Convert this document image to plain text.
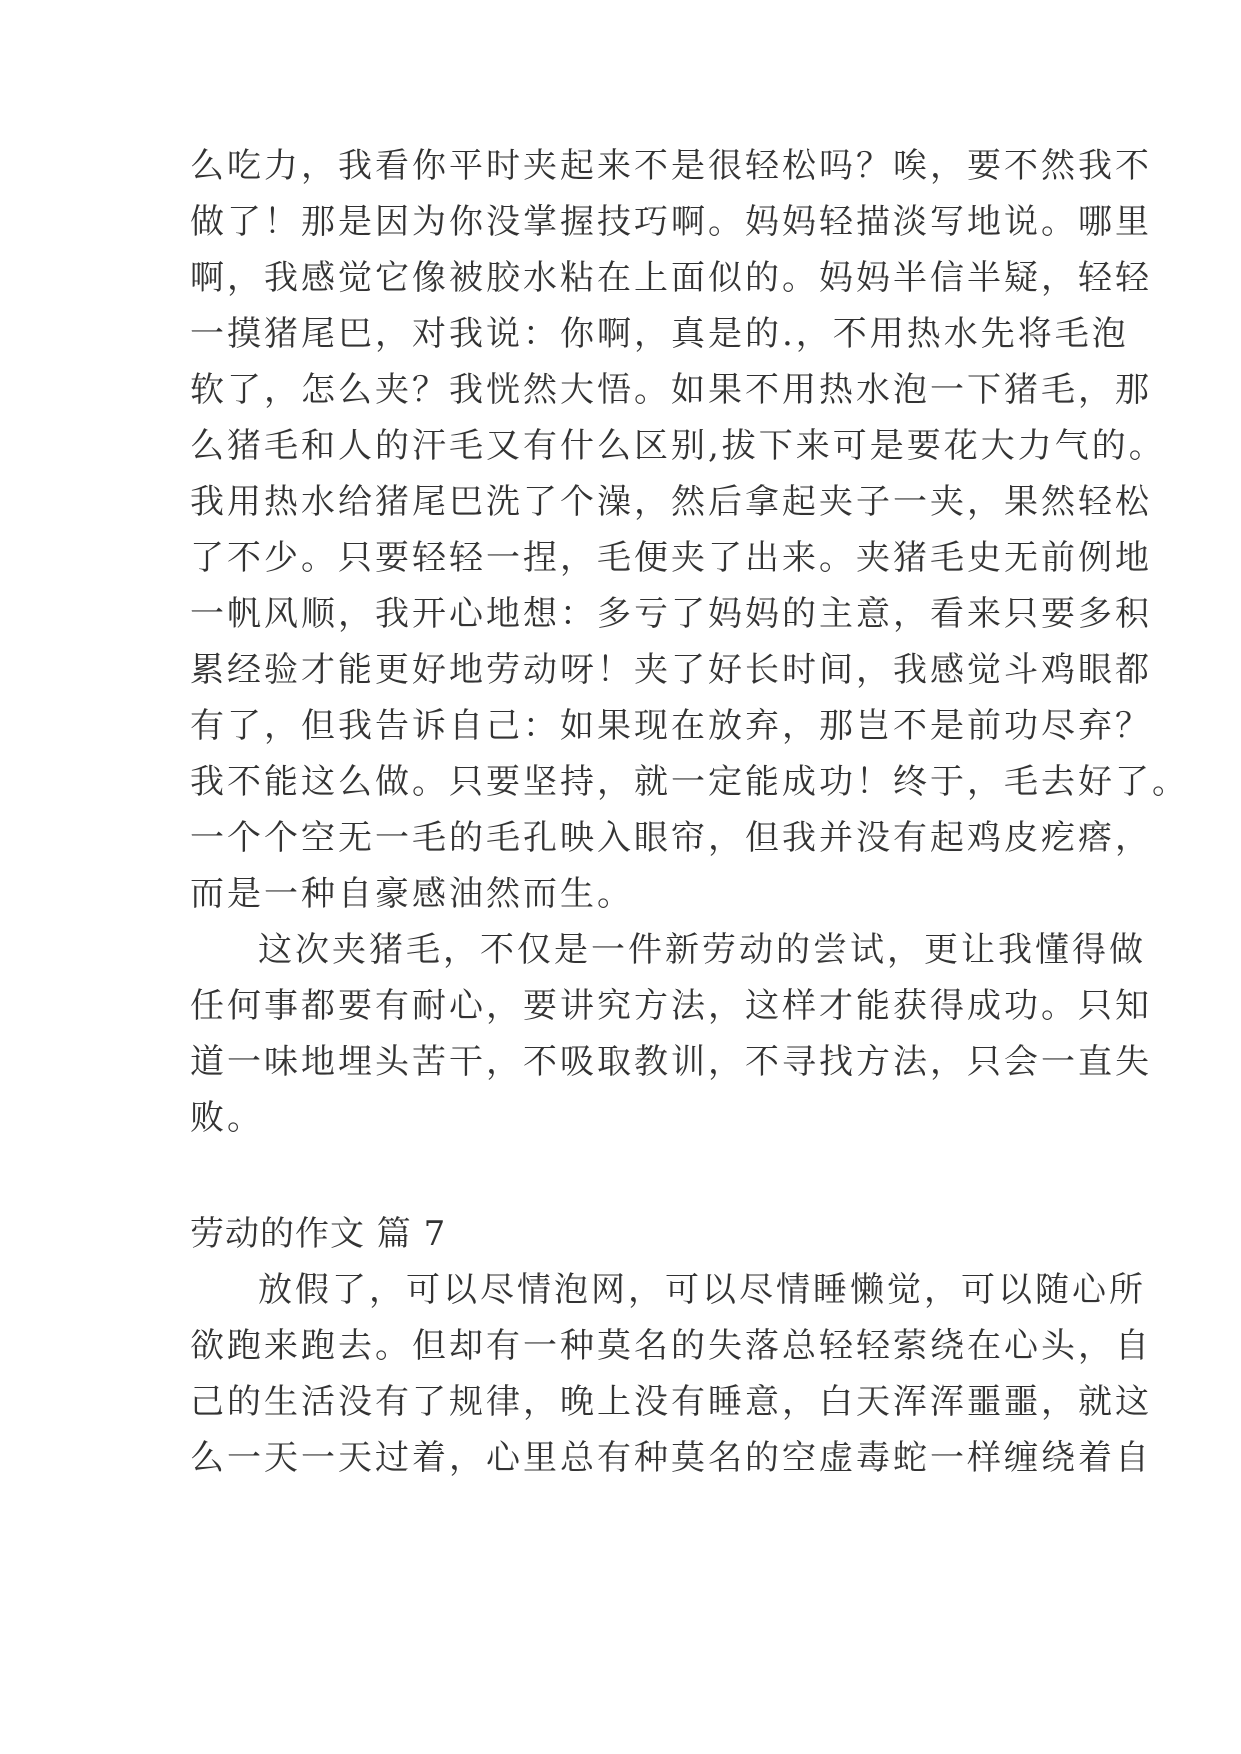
么吃力，我看你平时夹起来不是很轻松吗？唉，要不然我不
做了！那是因为你没掌握技巧啊。妈妈轻描淡写地说。哪里
啊，我感觉它像被胶水粘在上面似的。妈妈半信半疑，轻轻
一摸猪尾巴，对我说：你啊，真是的.，不用热水先将毛泡
软了，怎么夹？我恍然大悟。如果不用热水泡一下猪毛，那
么猪毛和人的汗毛又有什么区别,拔下来可是要花大力气的。
我用热水给猪尾巴洗了个澡，然后拿起夹子一夹，果然轻松
了不少。只要轻轻一捏，毛便夹了出来。夹猪毛史无前例地
一帆风顺，我开心地想：多亏了妈妈的主意，看来只要多积
累经验才能更好地劳动呀！夹了好长时间，我感觉斗鸡眼都
有了，但我告诉自己：如果现在放弃，那岂不是前功尽弃？
我不能这么做。只要坚持，就一定能成功！终于，毛去好了。
一个个空无一毛的毛孔映入眼帘，但我并没有起鸡皮疙瘩，
而是一种自豪感油然而生。
这次夹猪毛，不仅是一件新劳动的尝试，更让我懂得做
任何事都要有耐心，要讲究方法，这样才能获得成功。只知
道一味地埋头苦干，不吸取教训，不寻找方法，只会一直失
败。
劳动的作文 篇 7
放假了，可以尽情泡网，可以尽情睡懒觉，可以随心所
欲跑来跑去。但却有一种莫名的失落总轻轻萦绕在心头，自
己的生活没有了规律，晚上没有睡意，白天浑浑噩噩，就这
么一天一天过着，心里总有种莫名的空虚毒蛇一样缠绕着自
